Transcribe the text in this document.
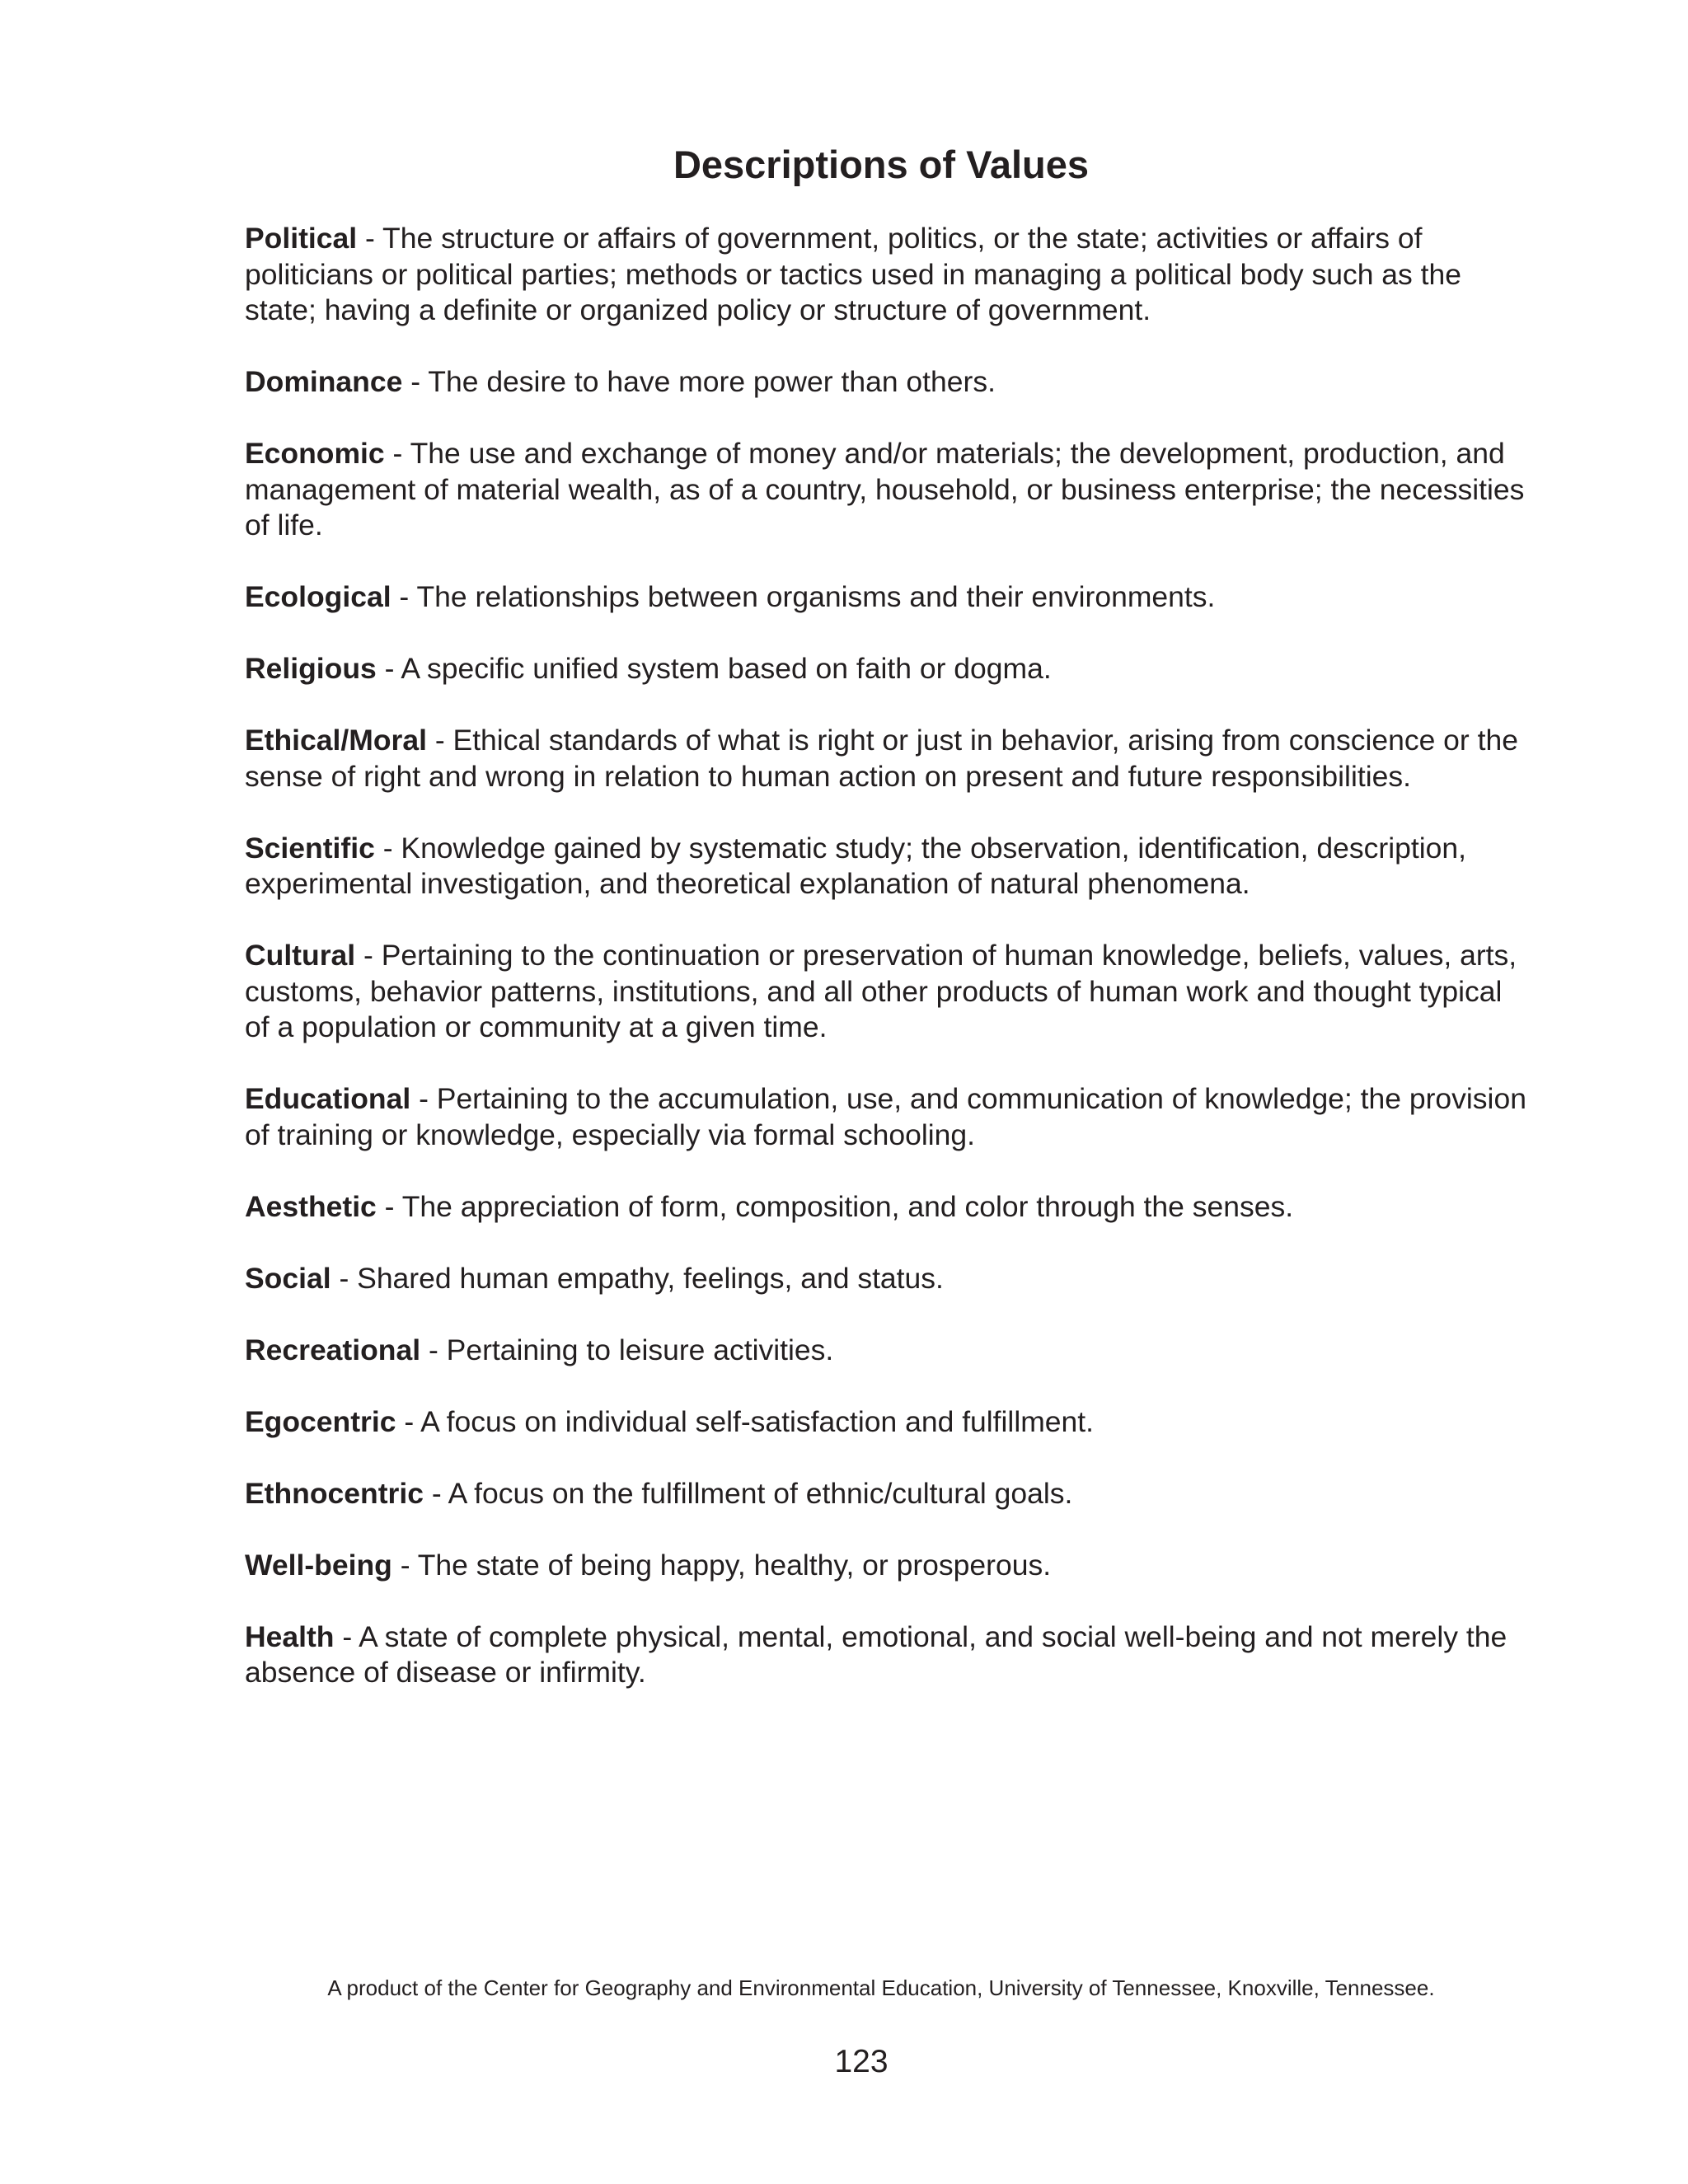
Descriptions of Values

Political - The structure or affairs of government, politics, or the state; activities or affairs of politicians or political parties; methods or tactics used in managing a political body such as the state; having a definite or organized policy or structure of government.

Dominance - The desire to have more power than others.

Economic - The use and exchange of money and/or materials; the development, production, and management of material wealth, as of a country, household, or business enterprise; the necessities of life.

Ecological - The relationships between organisms and their environments.

Religious - A specific unified system based on faith or dogma.

Ethical/Moral - Ethical standards of what is right or just in behavior, arising from conscience or the sense of right and wrong in relation to human action on present and future responsibilities.

Scientific - Knowledge gained by systematic study; the observation, identification, description, experimental investigation, and theoretical explanation of natural phenomena.

Cultural - Pertaining to the continuation or preservation of human knowledge, beliefs, values, arts, customs, behavior patterns, institutions, and all other products of human work and thought typical of a population or community at a given time.

Educational - Pertaining to the accumulation, use, and communication of knowledge; the provision of training or knowledge, especially via formal schooling.

Aesthetic - The appreciation of form, composition, and color through the senses.

Social - Shared human empathy, feelings, and status.

Recreational - Pertaining to leisure activities.

Egocentric - A focus on individual self-satisfaction and fulfillment.

Ethnocentric - A focus on the fulfillment of ethnic/cultural goals.

Well-being - The state of being happy, healthy, or prosperous.

Health - A state of complete physical, mental, emotional, and social well-being and not merely the absence of disease or infirmity.

A product of the Center for Geography and Environmental Education, University of Tennessee, Knoxville, Tennessee.
123
